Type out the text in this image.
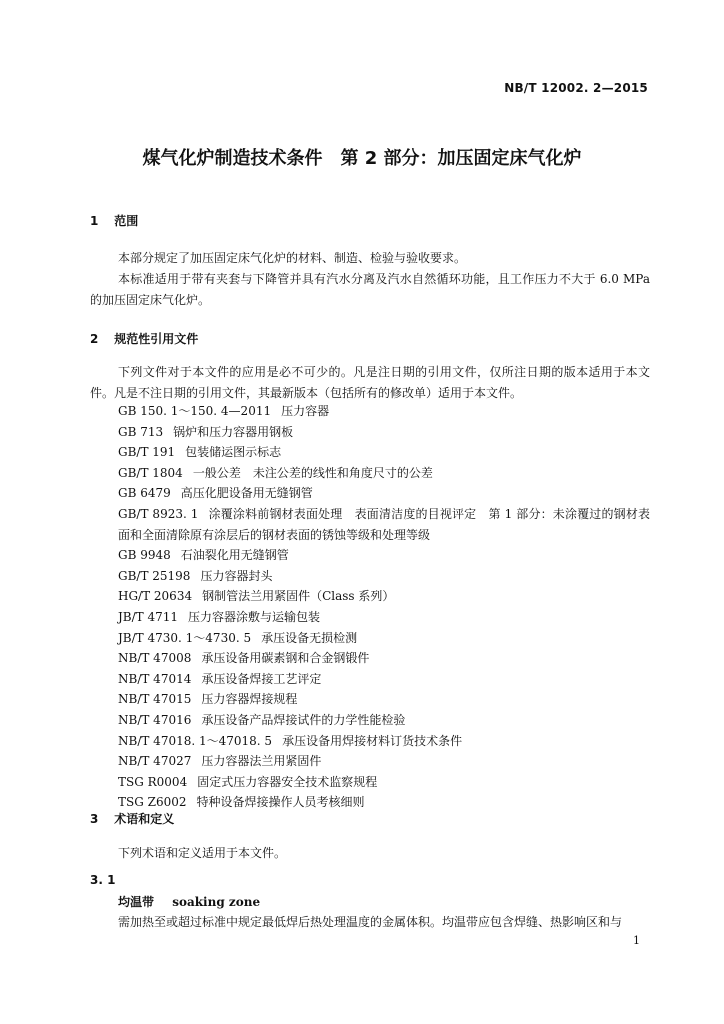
NB/T 12002. 2—2015
煤气化炉制造技术条件　第 2 部分：加压固定床气化炉
1 范围
本部分规定了加压固定床气化炉的材料、制造、检验与验收要求。
本标准适用于带有夹套与下降管并具有汽水分离及汽水自然循环功能，且工作压力不大于 6.0 MPa 的加压固定床气化炉。
2 规范性引用文件
下列文件对于本文件的应用是必不可少的。凡是注日期的引用文件，仅所注日期的版本适用于本文件。凡是不注日期的引用文件，其最新版本（包括所有的修改单）适用于本文件。
GB 150. 1～150. 4—2011 压力容器
GB 713 锅炉和压力容器用钢板
GB/T 191 包装储运图示标志
GB/T 1804 一般公差　未注公差的线性和角度尺寸的公差
GB 6479 高压化肥设备用无缝钢管
GB/T 8923. 1 涂覆涂料前钢材表面处理　表面清洁度的目视评定　第 1 部分：未涂覆过的钢材表面和全面清除原有涂层后的钢材表面的锈蚀等级和处理等级
GB 9948 石油裂化用无缝钢管
GB/T 25198 压力容器封头
HG/T 20634 钢制管法兰用紧固件（Class 系列）
JB/T 4711 压力容器涂敷与运输包装
JB/T 4730. 1～4730. 5 承压设备无损检测
NB/T 47008 承压设备用碳素钢和合金钢锻件
NB/T 47014 承压设备焊接工艺评定
NB/T 47015 压力容器焊接规程
NB/T 47016 承压设备产品焊接试件的力学性能检验
NB/T 47018. 1～47018. 5 承压设备用焊接材料订货技术条件
NB/T 47027 压力容器法兰用紧固件
TSG R0004 固定式压力容器安全技术监察规程
TSG Z6002 特种设备焊接操作人员考核细则
3 术语和定义
下列术语和定义适用于本文件。
3. 1
均温带 soaking zone
需加热至或超过标准中规定最低焊后热处理温度的金属体积。均温带应包含焊缝、热影响区和与
1
